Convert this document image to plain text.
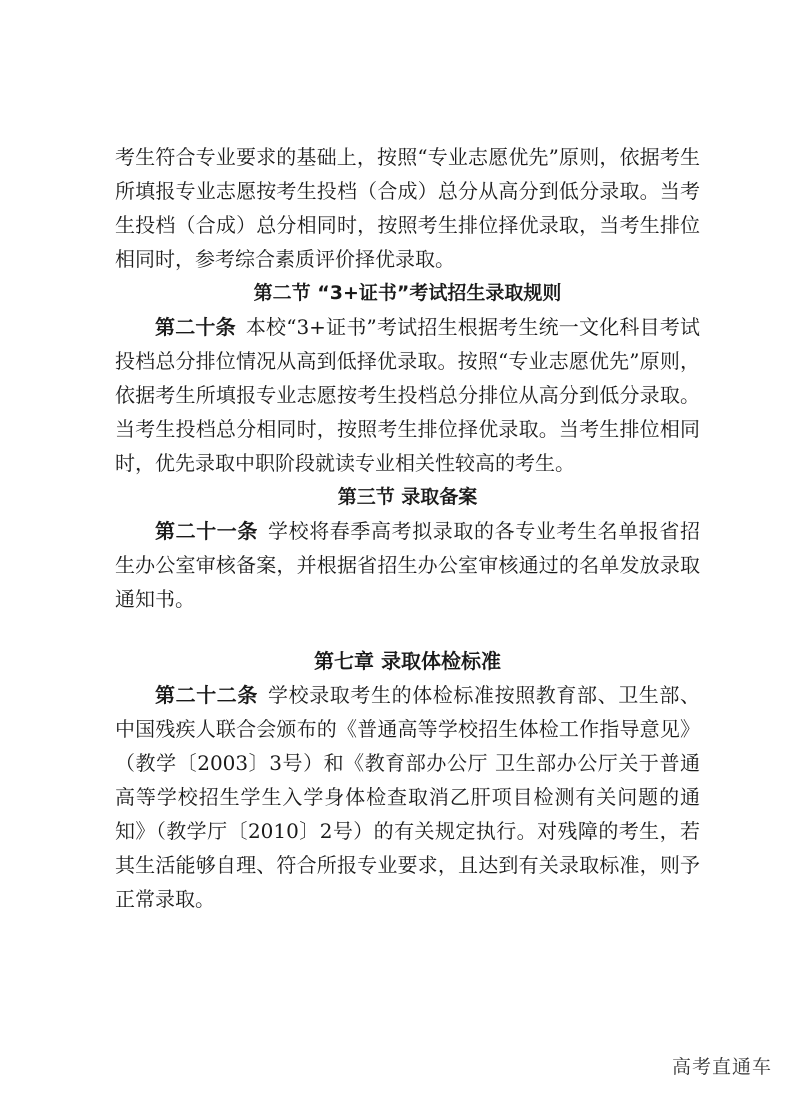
考生符合专业要求的基础上，按照“专业志愿优先”原则，依据考生所填报专业志愿按考生投档（合成）总分从高分到低分录取。当考生投档（合成）总分相同时，按照考生排位择优录取，当考生排位相同时，参考综合素质评价择优录取。

第二节 “3+证书”考试招生录取规则

第二十条 本校“3+证书”考试招生根据考生统一文化科目考试投档总分排位情况从高到低择优录取。按照“专业志愿优先”原则，依据考生所填报专业志愿按考生投档总分排位从高分到低分录取。 当考生投档总分相同时，按照考生排位择优录取。当考生排位相同时，优先录取中职阶段就读专业相关性较高的考生。

第三节 录取备案

第二十一条 学校将春季高考拟录取的各专业考生名单报省招生办公室审核备案，并根据省招生办公室审核通过的名单发放录取通知书。

第七章 录取体检标准

第二十二条 学校录取考生的体检标准按照教育部、卫生部、中国残疾人联合会颁布的《普通高等学校招生体检工作指导意见》（教学〔2003〕3号）和《教育部办公厅 卫生部办公厅关于普通高等学校招生学生入学身体检查取消乙肝项目检测有关问题的通知》（教学厅〔2010〕2号）的有关规定执行。对残障的考生，若其生活能够自理、符合所报专业要求，且达到有关录取标准，则予正常录取。

高考直通车
